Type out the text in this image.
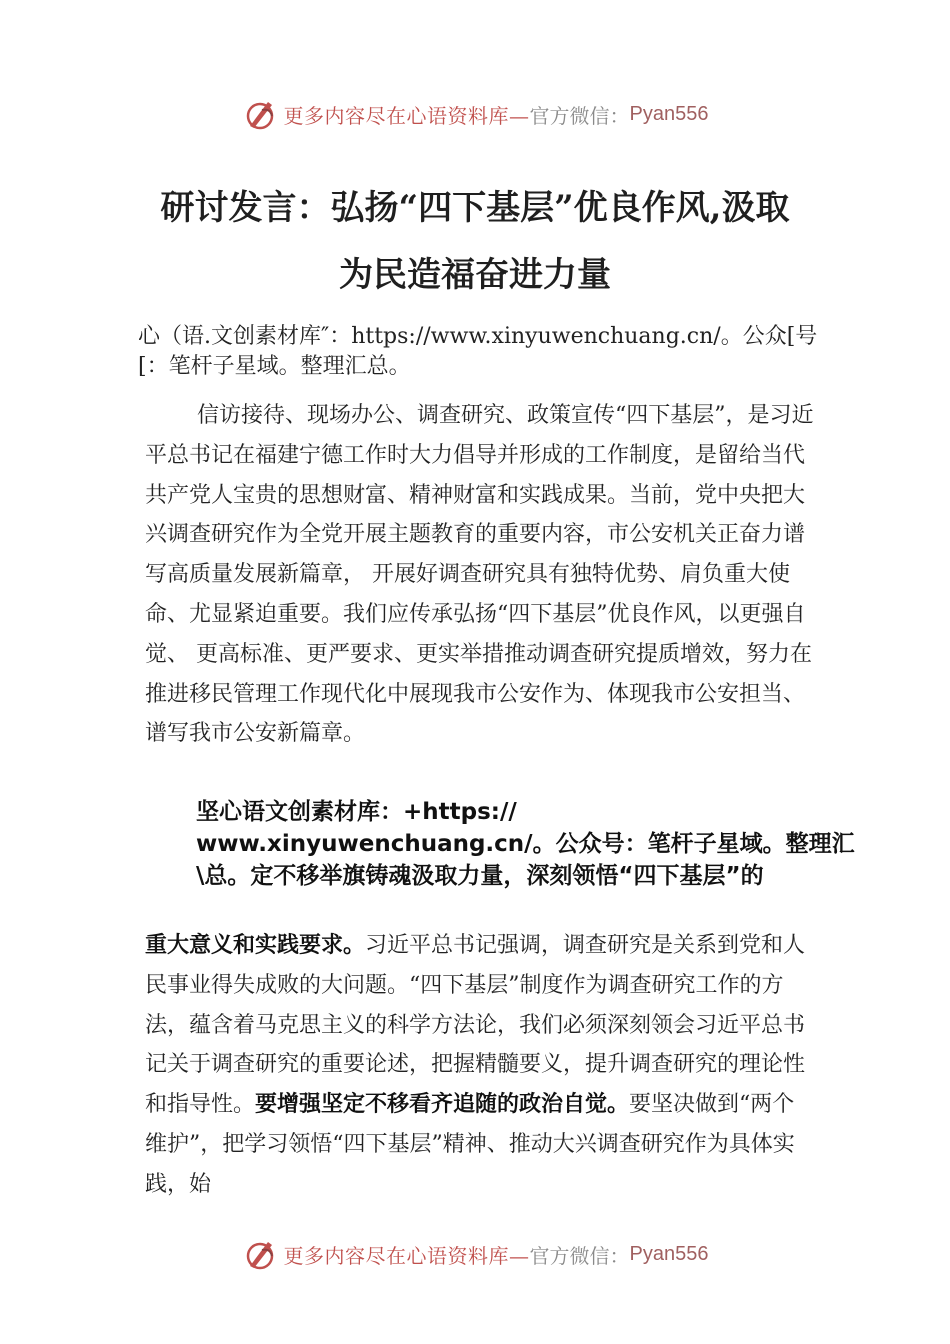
更多内容尽在心语资料库— 官方微信： Pyan556
研讨发言：弘扬“四下基层”优良作风,汲取
为民造福奋进力量
心（语.文创素材库″：https://www.xinyuwenchuang.cn/。公众[号[：笔杆子星域。整理汇总。
信访接待、现场办公、调查研究、政策宣传“四下基层”，是习近平总书记在福建宁德工作时大力倡导并形成的工作制度，是留给当代共产党人宝贵的思想财富、精神财富和实践成果。当前，党中央把大兴调查研究作为全党开展主题教育的重要内容，市公安机关正奋力谱写高质量发展新篇章， 开展好调查研究具有独特优势、肩负重大使命、尤显紧迫重要。我们应传承弘扬“四下基层”优良作风，以更强自觉、 更高标准、更严要求、更实举措推动调查研究提质增效，努力在推进移民管理工作现代化中展现我市公安作为、体现我市公安担当、谱写我市公安新篇章。
坚心语文创素材库：+https:// www.xinyuwenchuang.cn/。公众号：笔杆子星域。整理汇\总。定不移举旗铸魂汲取力量，深刻领悟“四下基层”的
重大意义和实践要求。习近平总书记强调，调查研究是关系到党和人民事业得失成败的大问题。“四下基层”制度作为调查研究工作的方法，蕴含着马克思主义的科学方法论，我们必须深刻领会习近平总书记关于调查研究的重要论述，把握精髓要义，提升调查研究的理论性和指导性。要增强坚定不移看齐追随的政治自觉。要坚决做到“两个维护”，把学习领悟“四下基层”精神、推动大兴调查研究作为具体实践，始
更多内容尽在心语资料库— 官方微信： Pyan556
